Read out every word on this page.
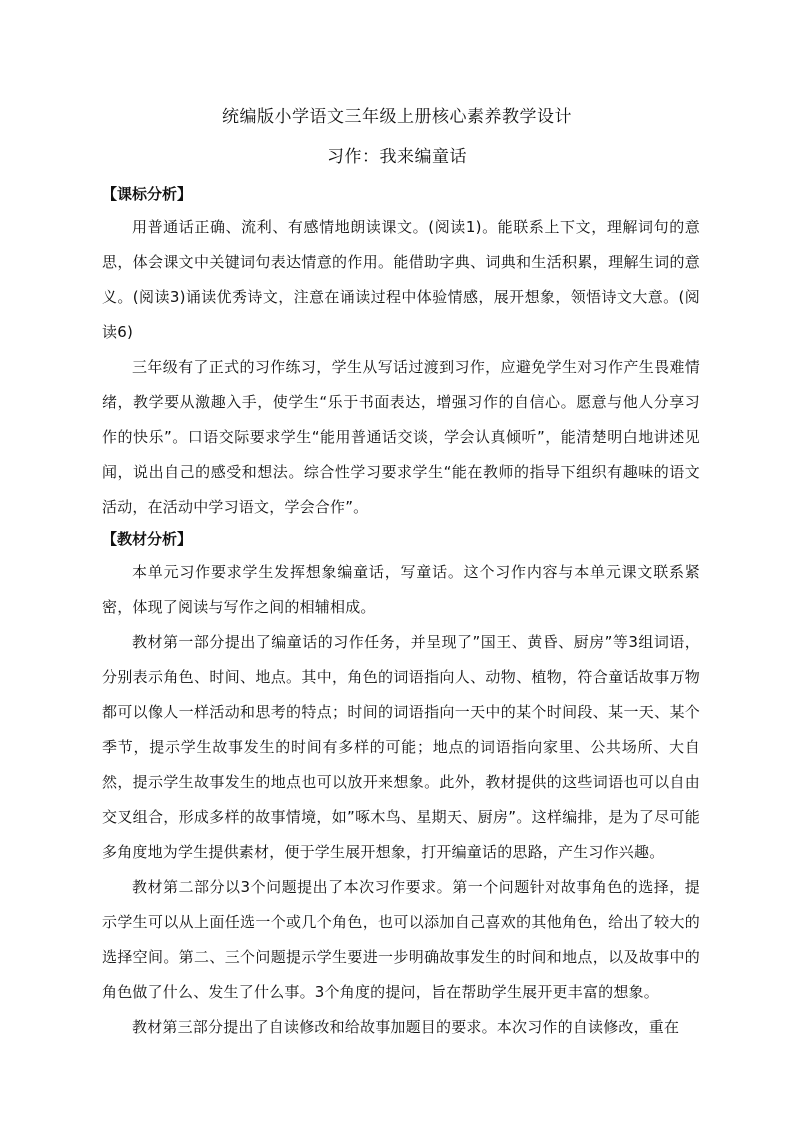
统编版小学语文三年级上册核心素养教学设计
习作：我来编童话
【课标分析】

用普通话正确、流利、有感情地朗读课文。(阅读1)。能联系上下文，理解词句的意思，体会课文中关键词句表达情意的作用。能借助字典、词典和生活积累，理解生词的意义。(阅读3)诵读优秀诗文，注意在诵读过程中体验情感，展开想象，领悟诗文大意。(阅读6)

三年级有了正式的习作练习，学生从写话过渡到习作，应避免学生对习作产生畏难情绪，教学要从激趣入手，使学生“乐于书面表达，增强习作的自信心。愿意与他人分享习作的快乐”。口语交际要求学生“能用普通话交谈，学会认真倾听”，能清楚明白地讲述见闻，说出自己的感受和想法。综合性学习要求学生“能在教师的指导下组织有趣味的语文活动，在活动中学习语文，学会合作”。

【教材分析】

本单元习作要求学生发挥想象编童话，写童话。这个习作内容与本单元课文联系紧密，体现了阅读与写作之间的相辅相成。

教材第一部分提出了编童话的习作任务，并呈现了”国王、黄昏、厨房”等3组词语，分别表示角色、时间、地点。其中，角色的词语指向人、动物、植物，符合童话故事万物都可以像人一样活动和思考的特点；时间的词语指向一天中的某个时间段、某一天、某个季节，提示学生故事发生的时间有多样的可能；地点的词语指向家里、公共场所、大自然，提示学生故事发生的地点也可以放开来想象。此外，教材提供的这些词语也可以自由交叉组合，形成多样的故事情境，如”啄木鸟、星期天、厨房”。这样编排，是为了尽可能多角度地为学生提供素材，便于学生展开想象，打开编童话的思路，产生习作兴趣。

教材第二部分以3个问题提出了本次习作要求。第一个问题针对故事角色的选择，提示学生可以从上面任选一个或几个角色，也可以添加自己喜欢的其他角色，给出了较大的选择空间。第二、三个问题提示学生要进一步明确故事发生的时间和地点，以及故事中的角色做了什么、发生了什么事。3个角度的提问，旨在帮助学生展开更丰富的想象。

教材第三部分提出了自读修改和给故事加题目的要求。本次习作的自读修改，重在
